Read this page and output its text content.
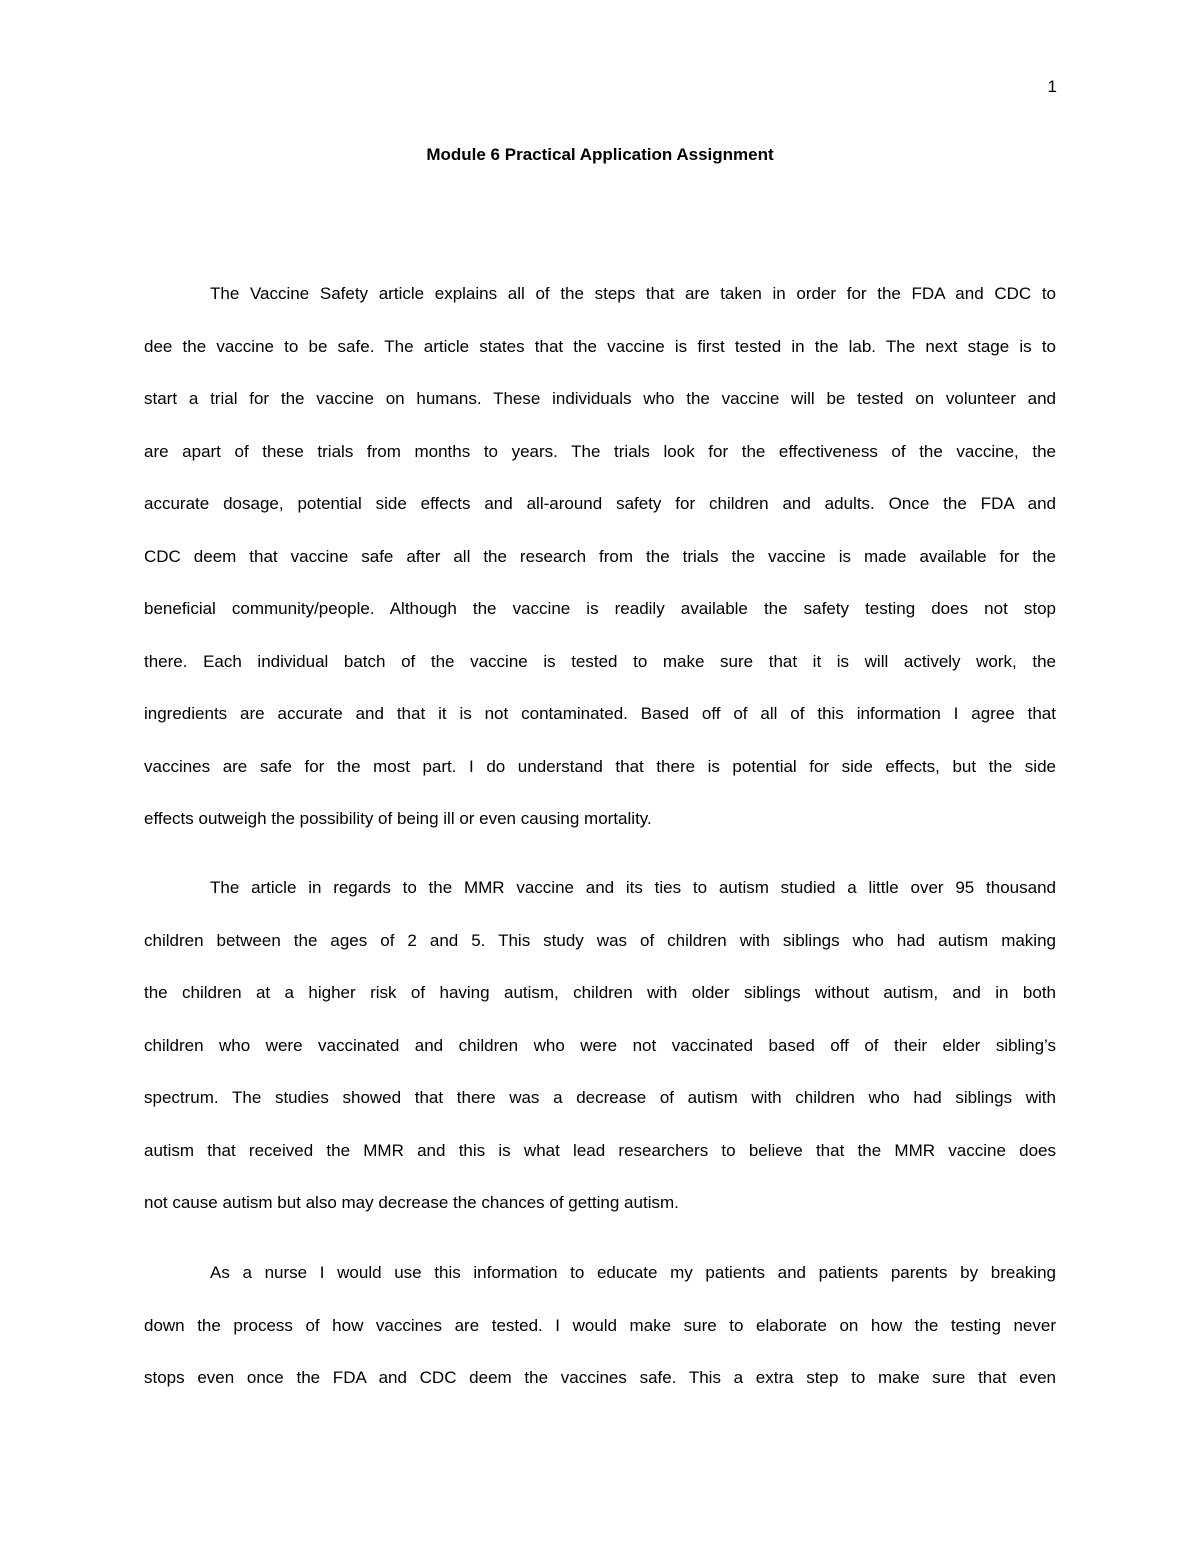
1
Module 6 Practical Application Assignment
The Vaccine Safety article explains all of the steps that are taken in order for the FDA and CDC to
dee the vaccine to be safe. The article states that the vaccine is first tested in the lab. The next stage is to
start a trial for the vaccine on humans. These individuals who the vaccine will be tested on volunteer and
are apart of these trials from months to years. The trials look for the effectiveness of the vaccine, the
accurate dosage, potential side effects and all-around safety for children and adults. Once the FDA and
CDC deem that vaccine safe after all the research from the trials the vaccine is made available for the
beneficial community/people. Although the vaccine is readily available the safety testing does not stop
there. Each individual batch of the vaccine is tested to make sure that it is will actively work, the
ingredients are accurate and that it is not contaminated. Based off of all of this information I agree that
vaccines are safe for the most part. I do understand that there is potential for side effects, but the side
effects outweigh the possibility of being ill or even causing mortality.
The article in regards to the MMR vaccine and its ties to autism studied a little over 95 thousand
children between the ages of 2 and 5. This study was of children with siblings who had autism making
the children at a higher risk of having autism, children with older siblings without autism, and in both
children who were vaccinated and children who were not vaccinated based off of their elder sibling’s
spectrum. The studies showed that there was a decrease of autism with children who had siblings with
autism that received the MMR and this is what lead researchers to believe that the MMR vaccine does
not cause autism but also may decrease the chances of getting autism.
As a nurse I would use this information to educate my patients and patients parents by breaking
down the process of how vaccines are tested. I would make sure to elaborate on how the testing never
stops even once the FDA and CDC deem the vaccines safe. This a extra step to make sure that even
